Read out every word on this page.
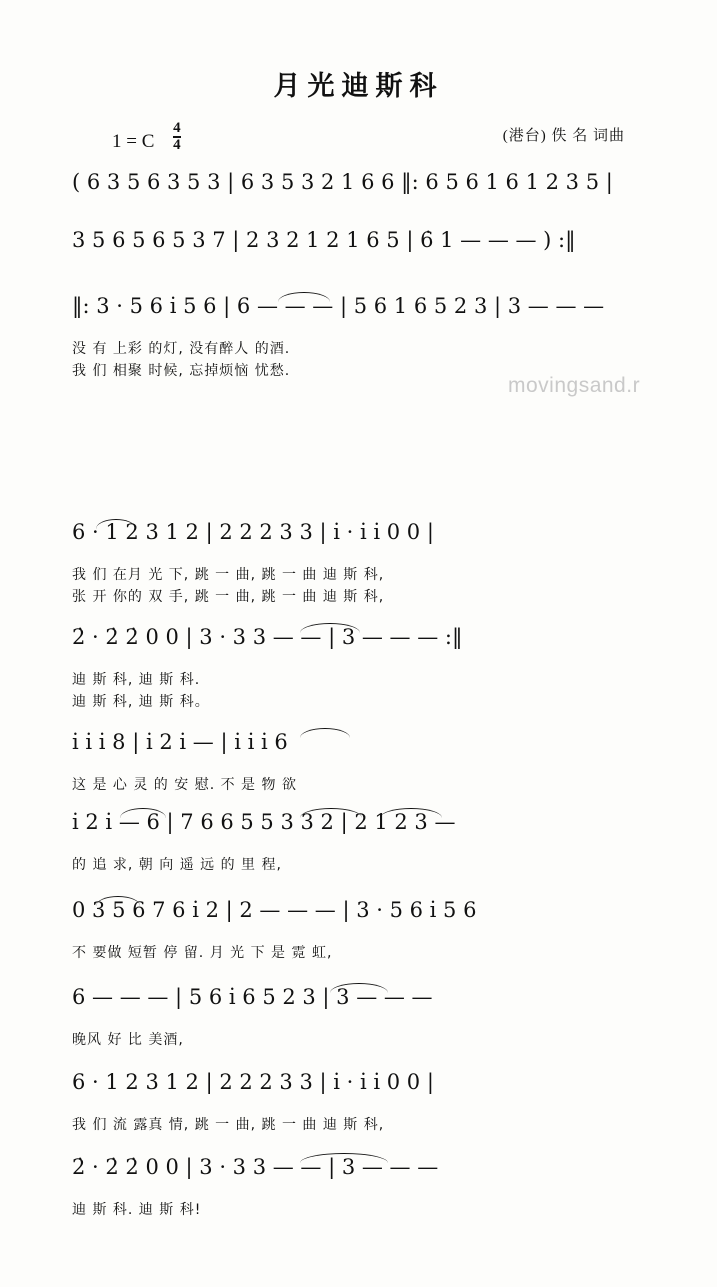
月光迪斯科
1 = C $\frac{4}{4}$	(港台) 佚 名 词曲
movingsand.r
( 6 3 5 6 3 5 3 | 6 3 5 3 2 1 6 6 ‖: 6 5 6 1 6 1 2 3 5 |
3 5 6 5 6 5 3 7 | 2 3 2 1 2 1 6 5 | 6̇ 1 — — — ) :‖
‖: 3 · 5 6 i̇ 5 6 | 6 — — — | 5 6 1 6 5 2 3 | 3 — — —
没 有 上彩 的灯, 没有醉人 的酒.
我 们 相聚 时候, 忘掉烦恼 忧愁.
6 · 1 2 3 1 2 | 2 2 2 3 3 | i̇ · i̇ i̇ 0 0 |
我 们 在月 光 下, 跳 一 曲, 跳 一 曲 迪 斯 科,
张 开 你的 双 手, 跳 一 曲, 跳 一 曲 迪 斯 科,
2̇ · 2̇ 2̇ 0 0 | 3 · 3 3 — — | 3 — — — :‖
迪 斯 科, 迪 斯 科.
迪 斯 科, 迪 斯 科。
i̇ i̇ i̇ 8 | i̇ 2 i̇ — | i̇ i̇ i̇ 6
这 是 心 灵 的 安 慰. 不 是 物 欲
i̇ 2 i̇ — 6 | 7 6 6 5 5 3 3 2 | 2 1 2 3 —
的 追 求, 朝 向 遥 远 的 里 程,
0 3 5 6 7 6 i̇ 2 | 2 — — — | 3 · 5 6 i̇ 5 6
不 要做 短暂 停 留. 月 光 下 是 霓 虹,
6 — — — | 5 6 i̇ 6 5 2 3 | 3 — — —
晚风 好 比 美酒,
6 · 1 2 3 1 2 | 2 2 2 3 3 | i̇ · i̇ i̇ 0 0 |
我 们 流 露真 情, 跳 一 曲, 跳 一 曲 迪 斯 科,
2̇ · 2̇ 2̇ 0 0 | 3 · 3 3 — — | 3 — — —
迪 斯 科. 迪 斯 科!
